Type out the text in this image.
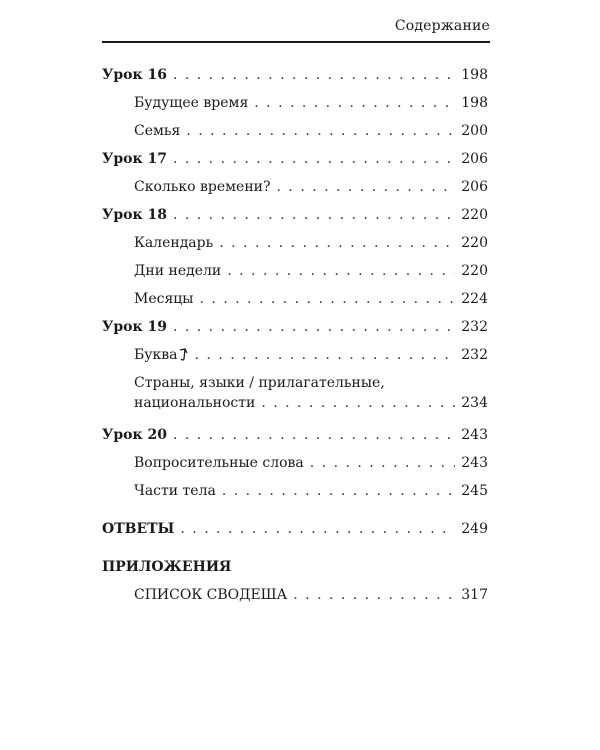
Содержание
Урок 16 . . .	198
Будущее время . . .	198
Семья . . .	200
Урок 17 . . .	206
Сколько времени? . . .	206
Урок 18 . . .	220
Календарь . . .	220
Дни недели . . .	220
Месяцы . . .	224
Урок 19 . . .	232
Буква . . .	232
Страны, языки / прилагательные,
национальности . . .	234
Урок 20 . . .	243
Вопросительные слова . . .	243
Части тела . . .	245
ОТВЕТЫ . . .	249
ПРИЛОЖЕНИЯ
СПИСОК СВОДЕША . . .	317
